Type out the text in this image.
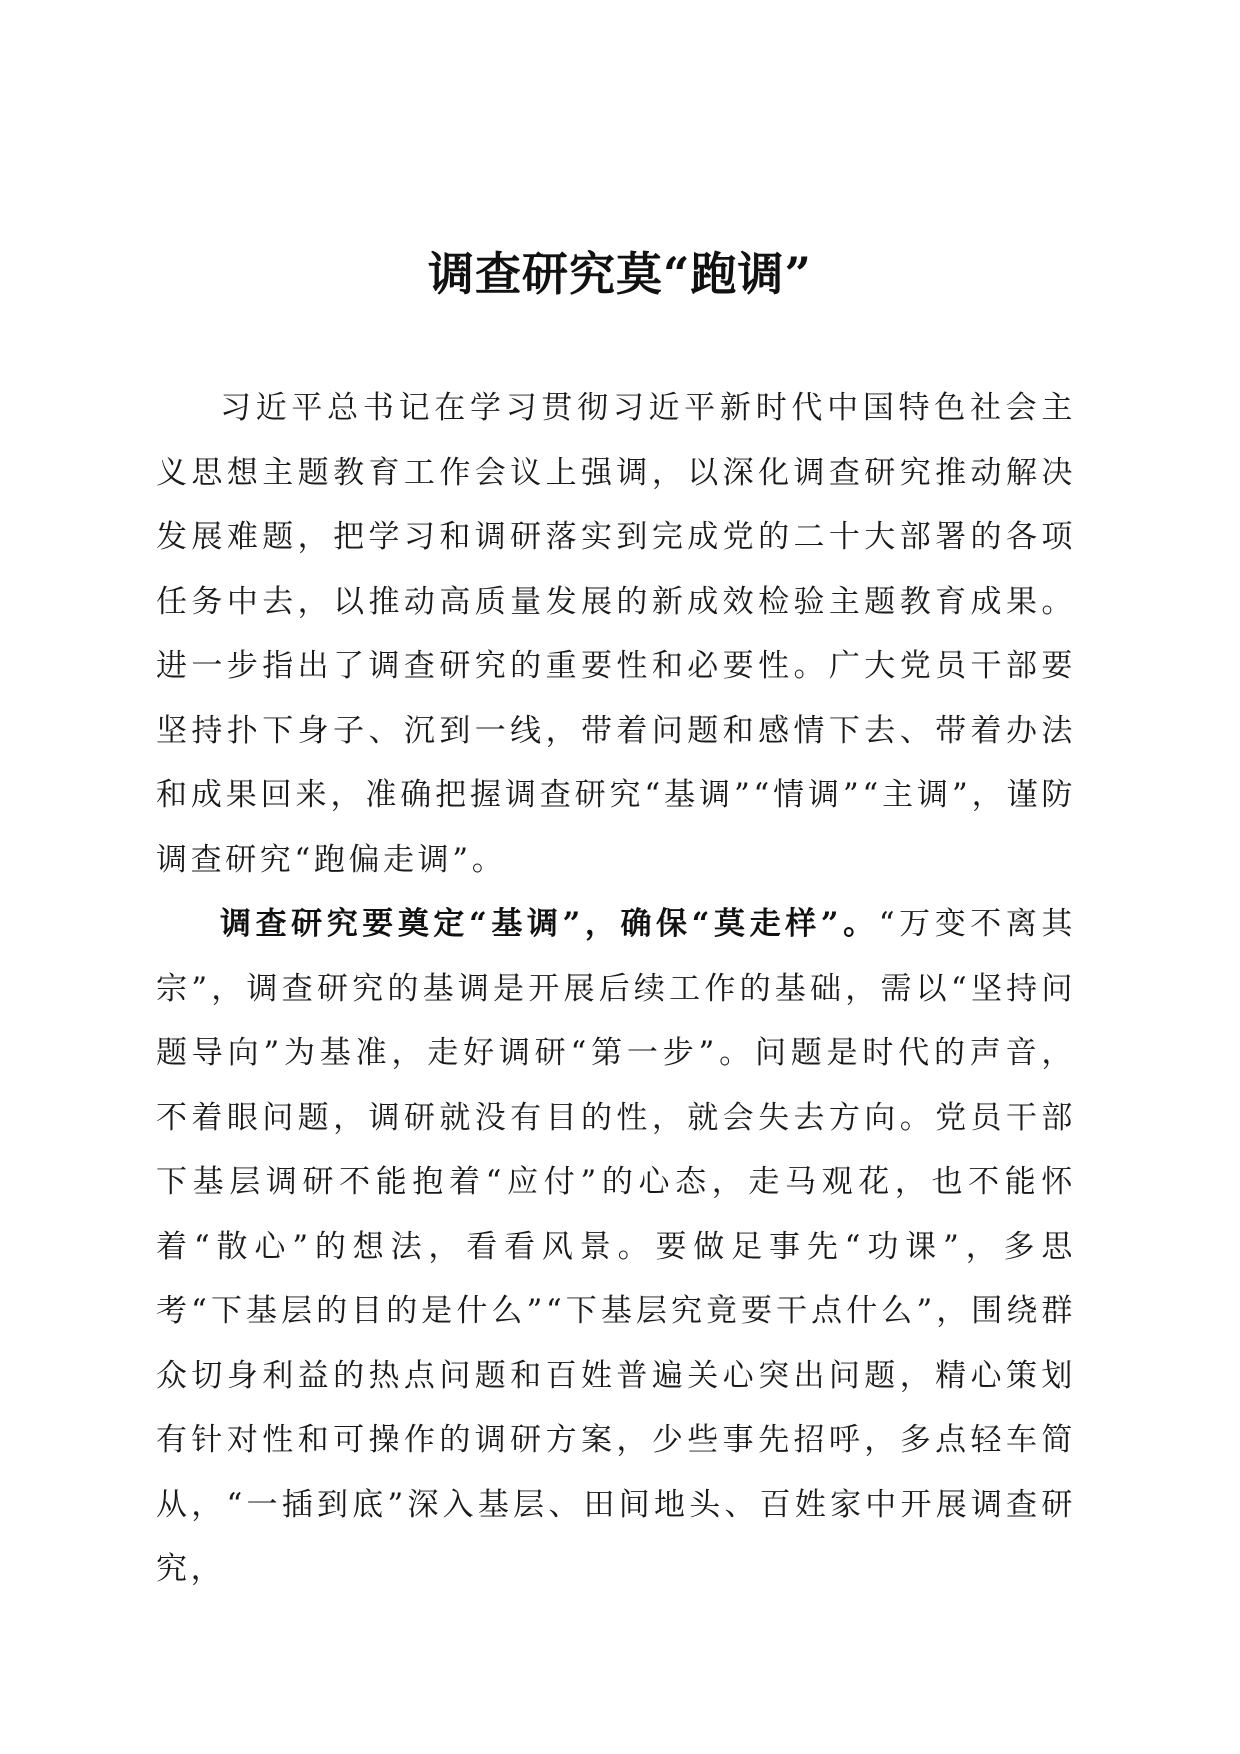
调查研究莫“跑调”

习近平总书记在学习贯彻习近平新时代中国特色社会主义思想主题教育工作会议上强调，以深化调查研究推动解决发展难题，把学习和调研落实到完成党的二十大部署的各项任务中去，以推动高质量发展的新成效检验主题教育成果。进一步指出了调查研究的重要性和必要性。广大党员干部要坚持扑下身子、沉到一线，带着问题和感情下去、带着办法和成果回来，准确把握调查研究“基调”“情调”“主调”，谨防调查研究“跑偏走调”。

调查研究要奠定“基调”，确保“莫走样”。“万变不离其宗”，调查研究的基调是开展后续工作的基础，需以“坚持问题导向”为基准，走好调研“第一步”。问题是时代的声音，不着眼问题，调研就没有目的性，就会失去方向。党员干部下基层调研不能抱着“应付”的心态，走马观花，也不能怀着“散心”的想法，看看风景。要做足事先“功课”，多思考“下基层的目的是什么”“下基层究竟要干点什么”，围绕群众切身利益的热点问题和百姓普遍关心突出问题，精心策划有针对性和可操作的调研方案，少些事先招呼，多点轻车简从，“一插到底”深入基层、田间地头、百姓家中开展调查研究，
